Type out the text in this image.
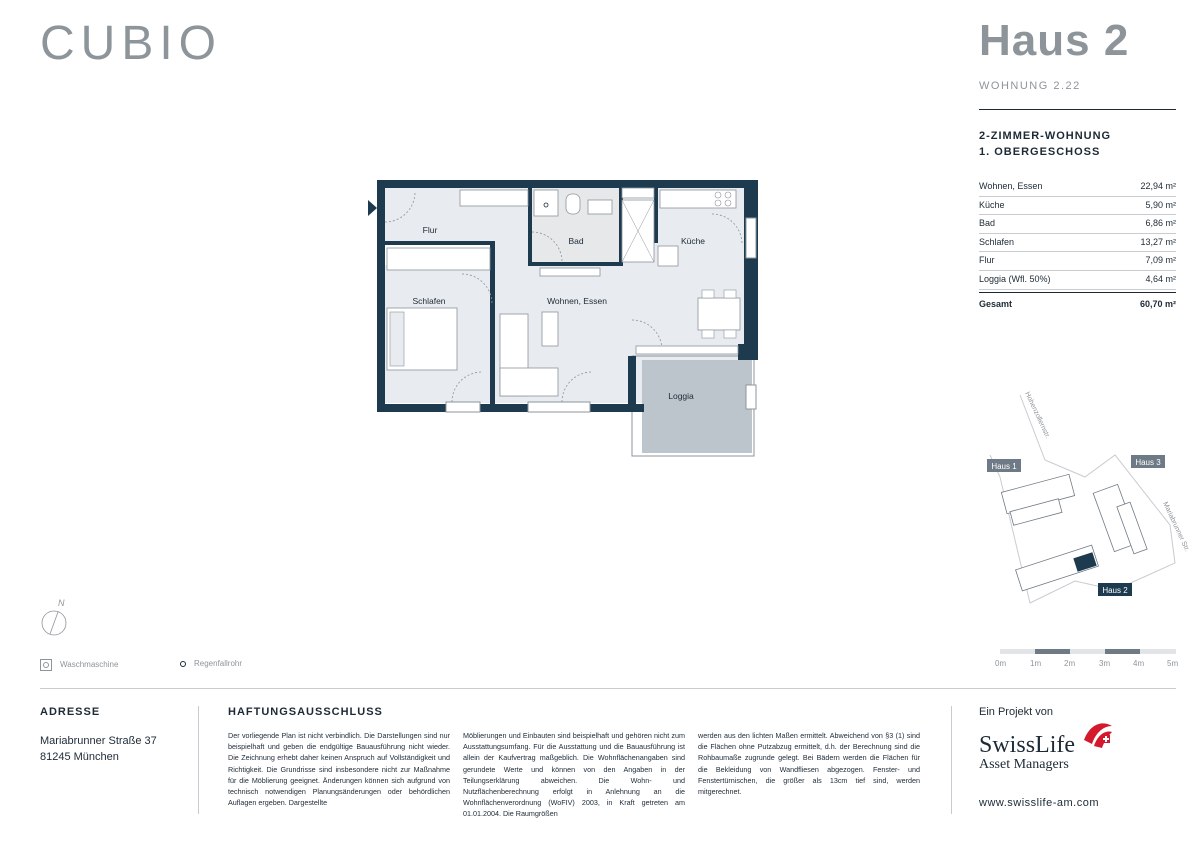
CUBIO	Haus 2
WOHNUNG 2.22
2-ZIMMER-WOHNUNG
1. OBERGESCHOSS
Wohnen, Essen	22,94 m²
Küche	5,90 m²
Bad	6,86 m²
Schlafen	13,27 m²
Flur	7,09 m²
Loggia (Wfl. 50%)	4,64 m²
Gesamt	60,70 m²
Flur
Bad	Küche
Schlafen	Wohnen, Essen
Loggia
Haus 1	Haus 3
Haus 2
Hohenzollernstr.
Mariabrunner Str.
N
Waschmaschine	Regenfallrohr	0m	1m	2m	3m	4m	5m
ADRESSE
Mariabrunner Straße 37
81245 München
HAFTUNGSAUSSCHLUSS
Der vorliegende Plan ist nicht verbindlich. Die Darstellungen sind nur beispielhaft und geben die endgültige Bauausführung nicht wieder. Die Zeichnung erhebt daher keinen Anspruch auf Vollständigkeit und Richtigkeit. Die Grundrisse sind insbesondere nicht zur Maßnahme für die Möblierung geeignet. Änderungen können sich aufgrund von technisch notwendigen Planungsänderungen oder behördlichen Auflagen ergeben. Dargestellte
Möblierungen und Einbauten sind beispielhaft und gehören nicht zum Ausstattungsumfang. Für die Ausstattung und die Bauausführung ist allein der Kaufvertrag maßgeblich. Die Wohnflächenangaben sind gerundete Werte und können von den Angaben in der Teilungserklärung abweichen. Die Wohn- und Nutzflächenberechnung erfolgt in Anlehnung an die Wohnflächenverordnung (WoFIV) 2003, in Kraft getreten am 01.01.2004. Die Raumgrößen
werden aus den lichten Maßen ermittelt. Abweichend von §3 (1) sind die Flächen ohne Putzabzug ermittelt, d.h. der Berechnung sind die Rohbaumaße zugrunde gelegt. Bei Bädern werden die Flächen für die Bekleidung von Wandfliesen abgezogen. Fenster- und Fenstertürnischen, die größer als 13cm tief sind, werden mitgerechnet.
Ein Projekt von
SwissLife
Asset Managers
www.swisslife-am.com
